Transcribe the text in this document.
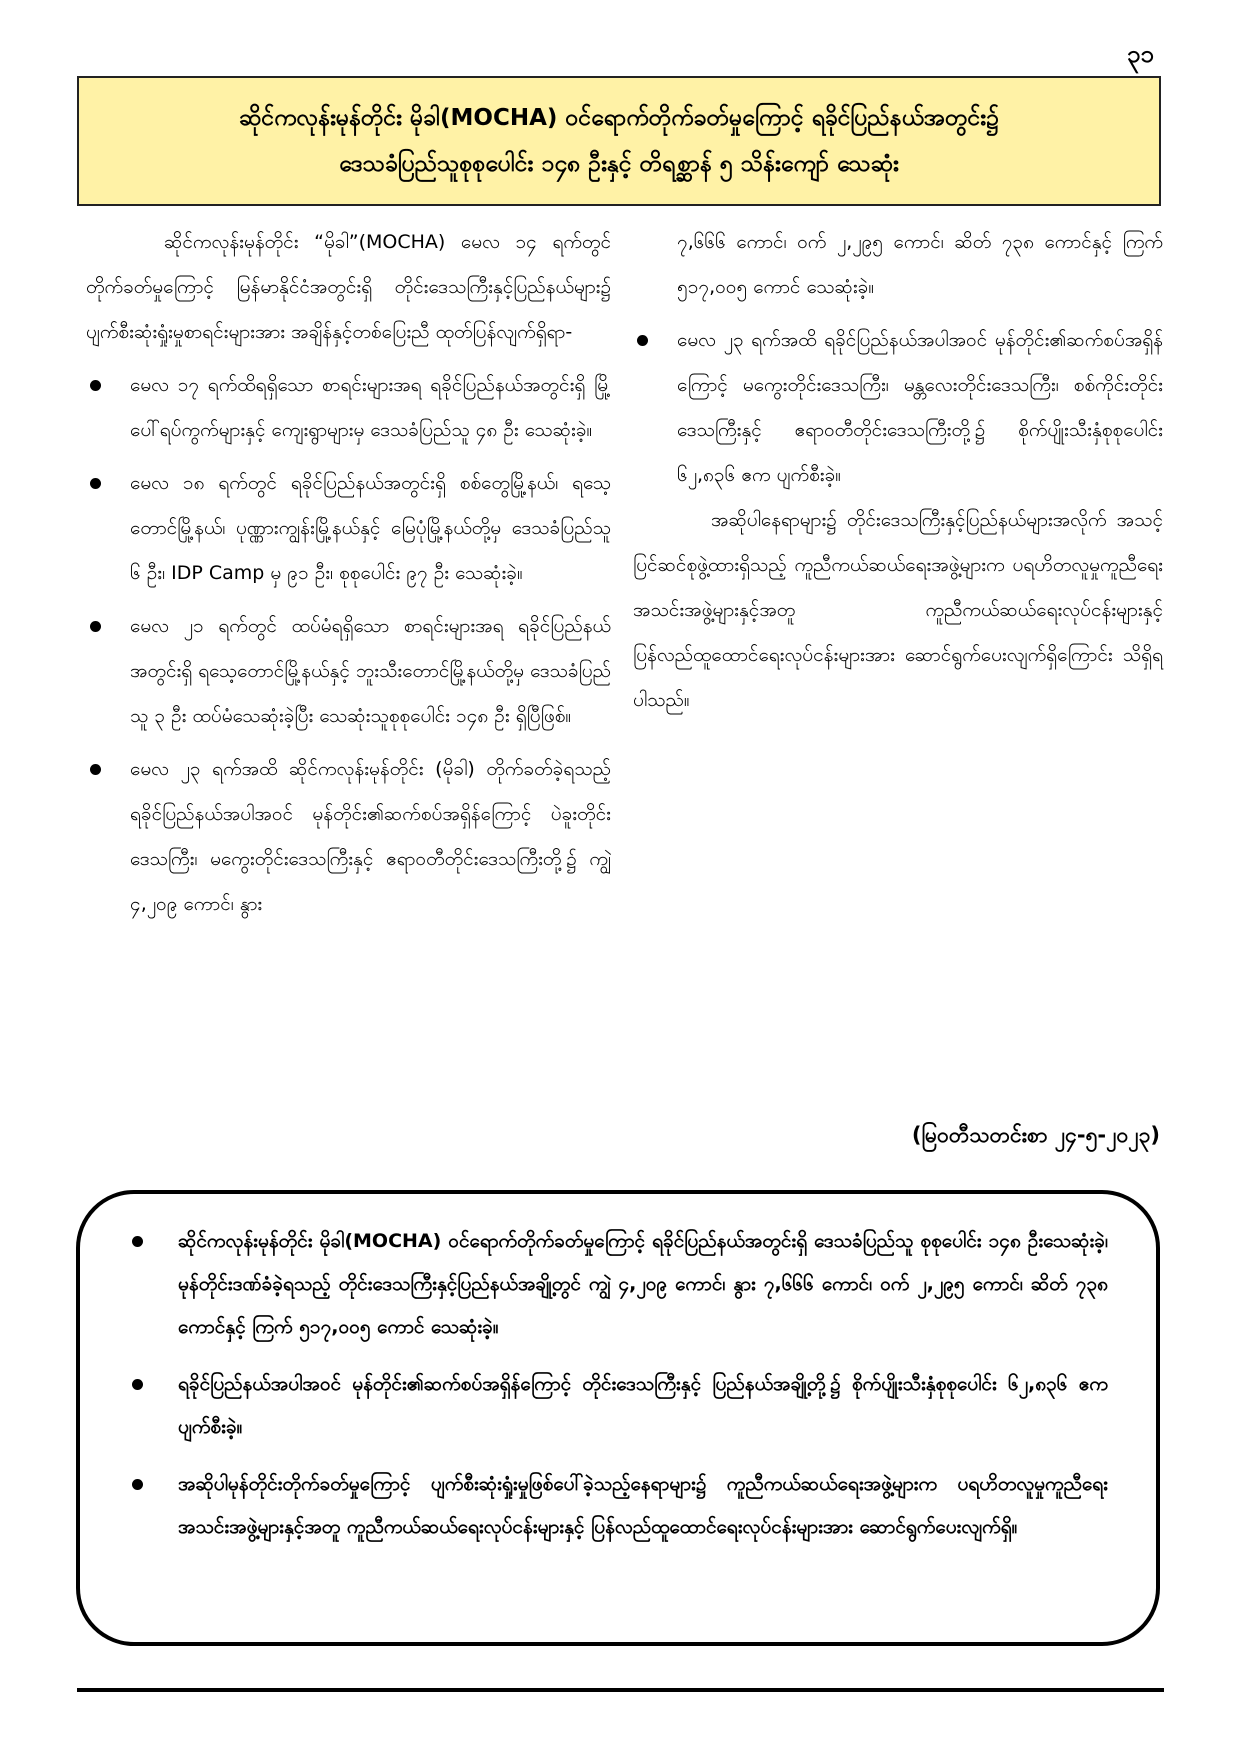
၃၁
ဆိုင်ကလုန်းမုန်တိုင်း မိုခါ(MOCHA) ဝင်ရောက်တိုက်ခတ်မှုကြောင့် ရခိုင်ပြည်နယ်အတွင်း၌
ဒေသခံပြည်သူစုစုပေါင်း ၁၄၈ ဦးနှင့် တိရစ္ဆာန် ၅ သိန်းကျော် သေဆုံး

ဆိုင်ကလုန်းမုန်တိုင်း “မိုခါ”(MOCHA) မေလ ၁၄ ရက်တွင် တိုက်ခတ်မှုကြောင့် မြန်မာနိုင်ငံအတွင်းရှိ တိုင်းဒေသကြီးနှင့်ပြည်နယ်များ၌ ပျက်စီးဆုံးရှုံးမှုစာရင်းများအား အချိန်နှင့်တစ်ပြေးညီ ထုတ်ပြန်လျက်ရှိရာ-

မေလ ၁၇ ရက်ထိရရှိသော စာရင်းများအရ ရခိုင်ပြည်နယ်အတွင်းရှိ မြို့ပေါ်ရပ်ကွက်များနှင့် ကျေးရွာများမှ ဒေသခံပြည်သူ ၄၈ ဦး သေဆုံးခဲ့။
မေလ ၁၈ ရက်တွင် ရခိုင်ပြည်နယ်အတွင်းရှိ စစ်တွေမြို့နယ်၊ ရသေ့တောင်မြို့နယ်၊ ပုဏ္ဏားကျွန်းမြို့နယ်နှင့် မြေပုံမြို့နယ်တို့မှ ဒေသခံပြည်သူ ၆ ဦး၊ IDP Camp မှ ၉၁ ဦး၊ စုစုပေါင်း ၉၇ ဦး သေဆုံးခဲ့။
မေလ ၂၁ ရက်တွင် ထပ်မံရရှိသော စာရင်းများအရ ရခိုင်ပြည်နယ်အတွင်းရှိ ရသေ့တောင်မြို့နယ်နှင့် ဘူးသီးတောင်မြို့နယ်တို့မှ ဒေသခံပြည်သူ ၃ ဦး ထပ်မံသေဆုံးခဲ့ပြီး သေဆုံးသူစုစုပေါင်း ၁၄၈ ဦး ရှိပြီဖြစ်။
မေလ ၂၃ ရက်အထိ ဆိုင်ကလုန်းမုန်တိုင်း (မိုခါ) တိုက်ခတ်ခဲ့ရသည့် ရခိုင်ပြည်နယ်အပါအဝင် မုန်တိုင်း၏ဆက်စပ်အရှိန်ကြောင့် ပဲခူးတိုင်းဒေသကြီး၊ မကွေးတိုင်းဒေသကြီးနှင့် ဧရာဝတီတိုင်းဒေသကြီးတို့၌ ကျွဲ ၄,၂၀၉ ကောင်၊ နွား

၇,၆၆၆ ကောင်၊ ဝက် ၂,၂၉၅ ကောင်၊ ဆိတ် ၇၃၈ ကောင်နှင့် ကြက် ၅၁၇,၀၀၅ ကောင် သေဆုံးခဲ့။

မေလ ၂၃ ရက်အထိ ရခိုင်ပြည်နယ်အပါအဝင် မုန်တိုင်း၏ဆက်စပ်အရှိန်ကြောင့် မကွေးတိုင်းဒေသကြီး၊ မန္တလေးတိုင်းဒေသကြီး၊ စစ်ကိုင်းတိုင်းဒေသကြီးနှင့် ဧရာဝတီတိုင်းဒေသကြီးတို့၌ စိုက်ပျိုးသီးနှံစုစုပေါင်း ၆၂,၈၃၆ ဧက ပျက်စီးခဲ့။

အဆိုပါနေရာများ၌ တိုင်းဒေသကြီးနှင့်ပြည်နယ်များအလိုက် အသင့်ပြင်ဆင်စုဖွဲ့ထားရှိသည့် ကူညီကယ်ဆယ်ရေးအဖွဲ့များက ပရဟိတလူမှုကူညီရေးအသင်းအဖွဲ့များနှင့်အတူ ကူညီကယ်ဆယ်ရေးလုပ်ငန်းများနှင့် ပြန်လည်ထူထောင်ရေးလုပ်ငန်းများအား ဆောင်ရွက်ပေးလျက်ရှိကြောင်း သိရှိရပါသည်။

(မြဝတီသတင်းစာ ၂၄-၅-၂၀၂၃)
ဆိုင်ကလုန်းမုန်တိုင်း မိုခါ(MOCHA) ဝင်ရောက်တိုက်ခတ်မှုကြောင့် ရခိုင်ပြည်နယ်အတွင်းရှိ ဒေသခံပြည်သူ စုစုပေါင်း ၁၄၈ ဦးသေဆုံးခဲ့၊ မုန်တိုင်းဒဏ်ခံခဲ့ရသည့် တိုင်းဒေသကြီးနှင့်ပြည်နယ်အချို့တွင် ကျွဲ ၄,၂၀၉ ကောင်၊ နွား ၇,၆၆၆ ကောင်၊ ဝက် ၂,၂၉၅ ကောင်၊ ဆိတ် ၇၃၈ ကောင်နှင့် ကြက် ၅၁၇,၀၀၅ ကောင် သေဆုံးခဲ့။
ရခိုင်ပြည်နယ်အပါအဝင် မုန်တိုင်း၏ဆက်စပ်အရှိန်ကြောင့် တိုင်းဒေသကြီးနှင့် ပြည်နယ်အချို့တို့၌ စိုက်ပျိုးသီးနှံစုစုပေါင်း ၆၂,၈၃၆ ဧက ပျက်စီးခဲ့။
အဆိုပါမုန်တိုင်းတိုက်ခတ်မှုကြောင့် ပျက်စီးဆုံးရှုံးမှုဖြစ်ပေါ်ခဲ့သည့်နေရာများ၌ ကူညီကယ်ဆယ်ရေးအဖွဲ့များက ပရဟိတလူမှုကူညီရေးအသင်းအဖွဲ့များနှင့်အတူ ကူညီကယ်ဆယ်ရေးလုပ်ငန်းများနှင့် ပြန်လည်ထူထောင်ရေးလုပ်ငန်းများအား ဆောင်ရွက်ပေးလျက်ရှိ။
